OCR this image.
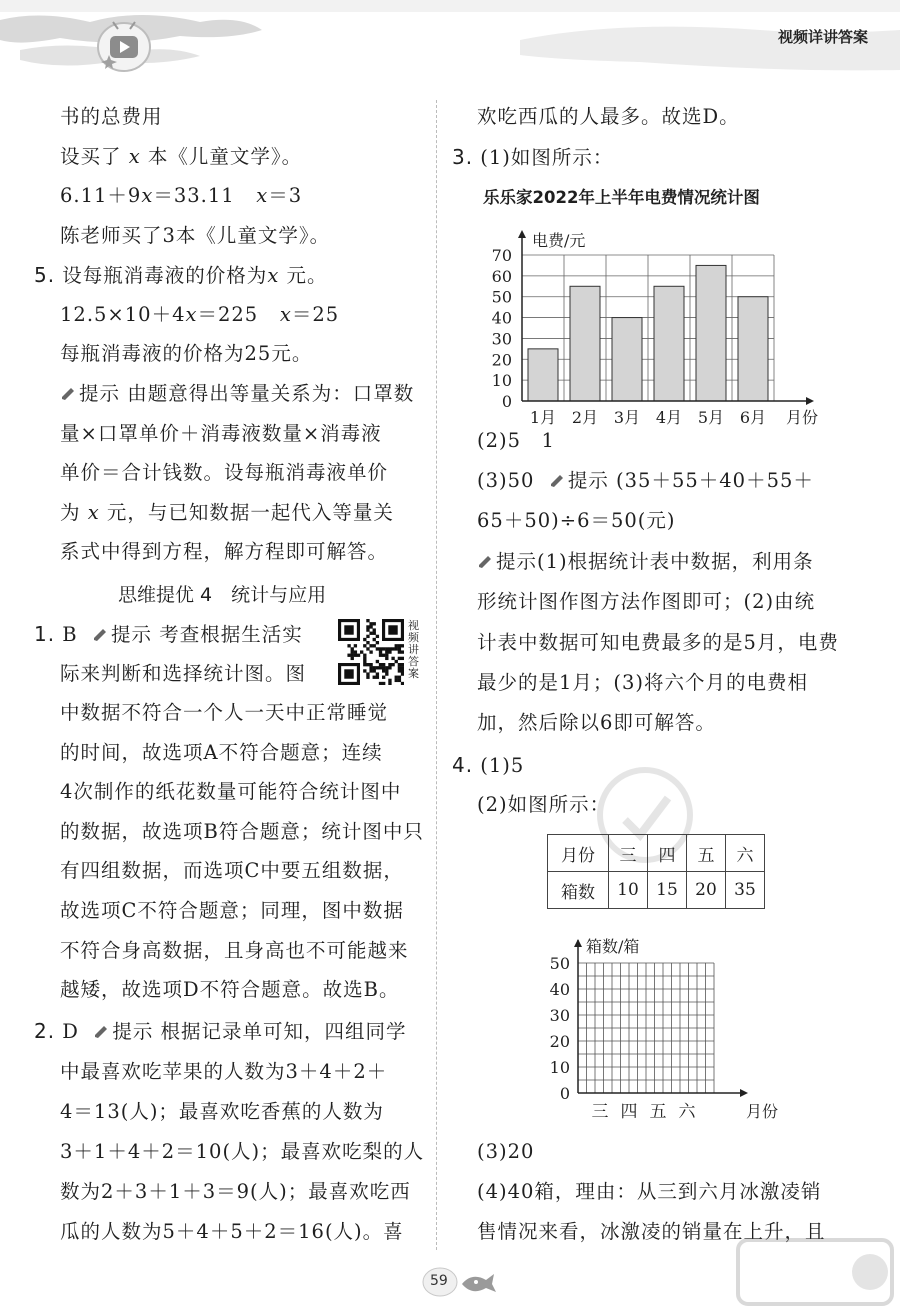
视频详讲答案
书的总费用
设买了 x 本《儿童文学》。
6.11＋9x＝33.11 x＝3
陈老师买了3本《儿童文学》。
5. 设每瓶消毒液的价格为x 元。
12.5×10＋4x＝225 x＝25
每瓶消毒液的价格为25元。
提示 由题意得出等量关系为：口罩数
量×口罩单价＋消毒液数量×消毒液
单价＝合计钱数。设每瓶消毒液单价
为 x 元，与已知数据一起代入等量关
系式中得到方程，解方程即可解答。
思维提优 4　统计与应用
1. B 提示 考查根据生活实
际来判断和选择统计图。图
视频讲答案
中数据不符合一个人一天中正常睡觉
的时间，故选项A不符合题意；连续
4次制作的纸花数量可能符合统计图中
的数据，故选项B符合题意；统计图中只
有四组数据，而选项C中要五组数据，
故选项C不符合题意；同理，图中数据
不符合身高数据，且身高也不可能越来
越矮，故选项D不符合题意。故选B。
2. D 提示 根据记录单可知，四组同学
中最喜欢吃苹果的人数为3＋4＋2＋
4＝13(人)；最喜欢吃香蕉的人数为
3＋1＋4＋2＝10(人)；最喜欢吃梨的人
数为2＋3＋1＋3＝9(人)；最喜欢吃西
瓜的人数为5＋4＋5＋2＝16(人)。喜
欢吃西瓜的人最多。故选D。
3. (1)如图所示：
乐乐家2022年上半年电费情况统计图
0
10
20
30
40
50
60
70
1月 2月 3月 4月 5月 6月 月份
电费/元
(2)5　1
(3)50 提示 (35＋55＋40＋55＋
65＋50)÷6＝50(元)
提示(1)根据统计表中数据，利用条
形统计图作图方法作图即可；(2)由统
计表中数据可知电费最多的是5月，电费
最少的是1月；(3)将六个月的电费相
加，然后除以6即可解答。
4. (1)5
(2)如图所示：
月份	三	四	五	六
箱数	10	15	20	35
0
10
20
30
40
50
三 四 五 六	月份
箱数/箱
(3)20
(4)40箱，理由：从三到六月冰激凌销
售情况来看，冰激凌的销量在上升，且
59
